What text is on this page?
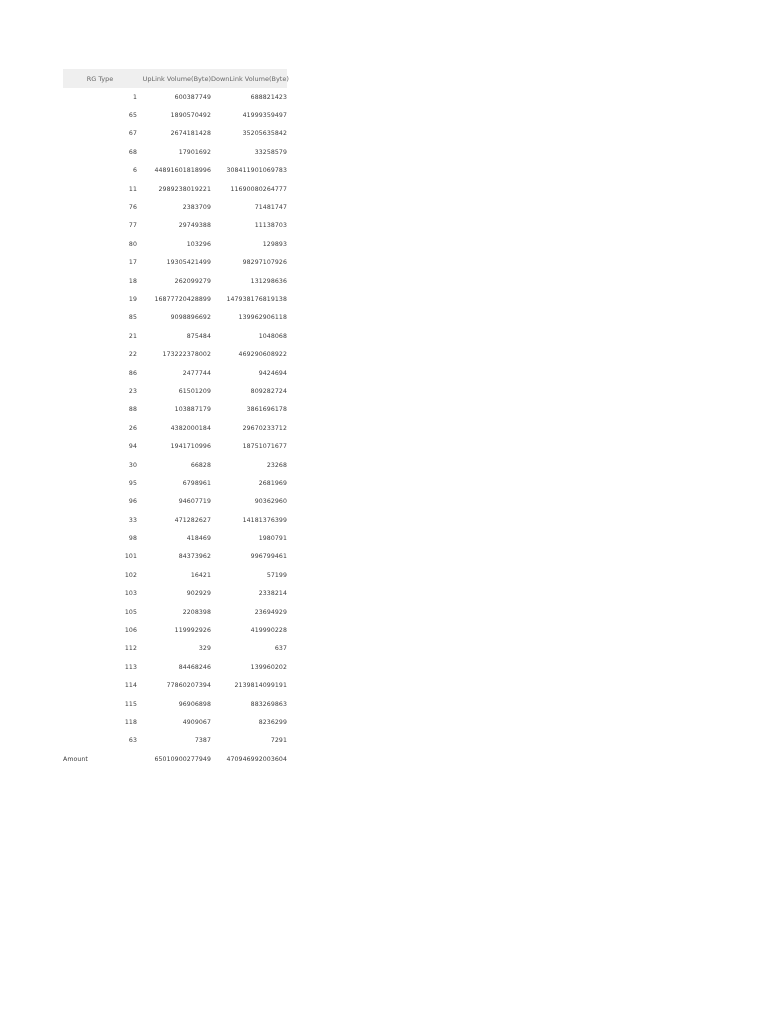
RG Type	UpLink Volume(Byte) DownLink Volume(Byte)
1	600387749	688821423
65	1890570492	41999359497
67	2674181428	35205635842
68	17901692	33258579
6	44891601818996	308411901069783
11	2989238019221	11690080264777
76	2383709	71481747
77	29749388	11138703
80	103296	129893
17	19305421499	98297107926
18	262099279	131298636
19	16877720428899	147938176819138
85	9098896692	139962906118
21	875484	1048068
22	173222378002	469290608922
86	2477744	9424694
23	61501209	809282724
88	103887179	3861696178
26	4382000184	29670233712
94	1941710996	18751071677
30	66828	23268
95	6798961	2681969
96	94607719	90362960
33	471282627	14181376399
98	418469	1980791
101	84373962	996799461
102	16421	57199
103	902929	2338214
105	2208398	23694929
106	119992926	419990228
112	329	637
113	84468246	139960202
114	77860207394	2139814099191
115	96906898	883269863
118	4909067	8236299
63	7387	7291
Amount	65010900277949	470946992003604
